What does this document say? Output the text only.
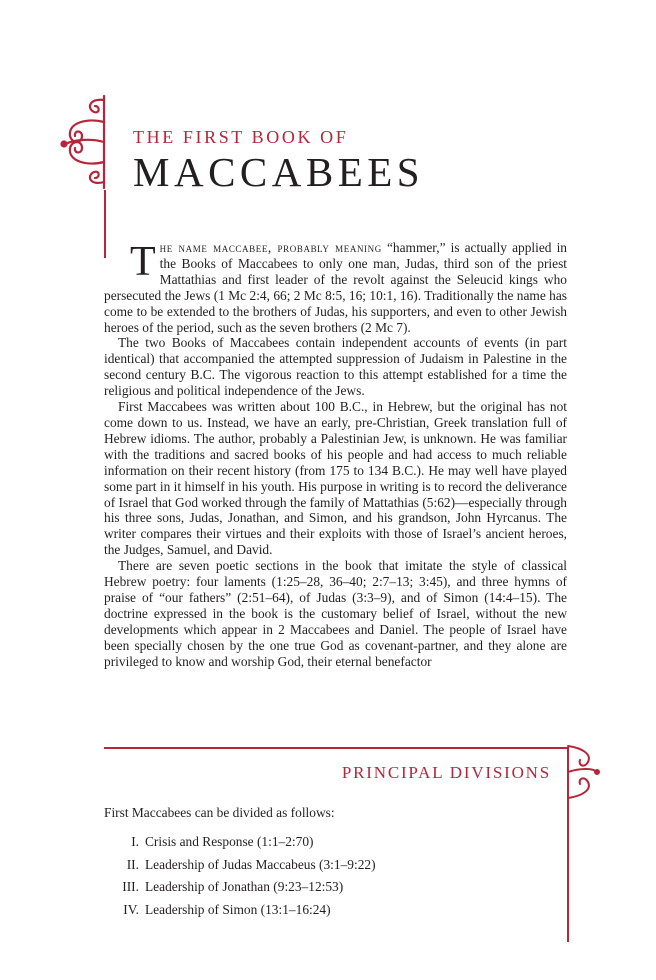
THE FIRST BOOK OF
MACCABEES

The name maccabee, probably meaning “hammer,” is actually applied in the Books of Maccabees to only one man, Judas, third son of the priest Mattathias and first leader of the revolt against the Seleucid kings who persecuted the Jews (1 Mc 2:4, 66; 2 Mc 8:5, 16; 10:1, 16). Traditionally the name has come to be extended to the brothers of Judas, his supporters, and even to other Jewish heroes of the period, such as the seven brothers (2 Mc 7).

The two Books of Maccabees contain independent accounts of events (in part identical) that accompanied the attempted suppression of Judaism in Palestine in the second century B.C. The vigorous reaction to this attempt established for a time the religious and political independence of the Jews.

First Maccabees was written about 100 B.C., in Hebrew, but the original has not come down to us. Instead, we have an early, pre-Christian, Greek translation full of Hebrew idioms. The author, probably a Palestinian Jew, is unknown. He was familiar with the traditions and sacred books of his people and had access to much reliable information on their recent history (from 175 to 134 B.C.). He may well have played some part in it himself in his youth. His purpose in writing is to record the deliverance of Israel that God worked through the family of Mattathias (5:62)—especially through his three sons, Judas, Jonathan, and Simon, and his grandson, John Hyrcanus. The writer compares their virtues and their exploits with those of Israel’s ancient heroes, the Judges, Samuel, and David.

There are seven poetic sections in the book that imitate the style of classical Hebrew poetry: four laments (1:25–28, 36–40; 2:7–13; 3:45), and three hymns of praise of “our fathers” (2:51–64), of Judas (3:3–9), and of Simon (14:4–15). The doctrine expressed in the book is the customary belief of Israel, without the new developments which appear in 2 Maccabees and Daniel. The people of Israel have been specially chosen by the one true God as covenant-partner, and they alone are privileged to know and worship God, their eternal benefactor

PRINCIPAL DIVISIONS

First Maccabees can be divided as follows:

I. Crisis and Response (1:1–2:70)
II. Leadership of Judas Maccabeus (3:1–9:22)
III. Leadership of Jonathan (9:23–12:53)
IV. Leadership of Simon (13:1–16:24)
